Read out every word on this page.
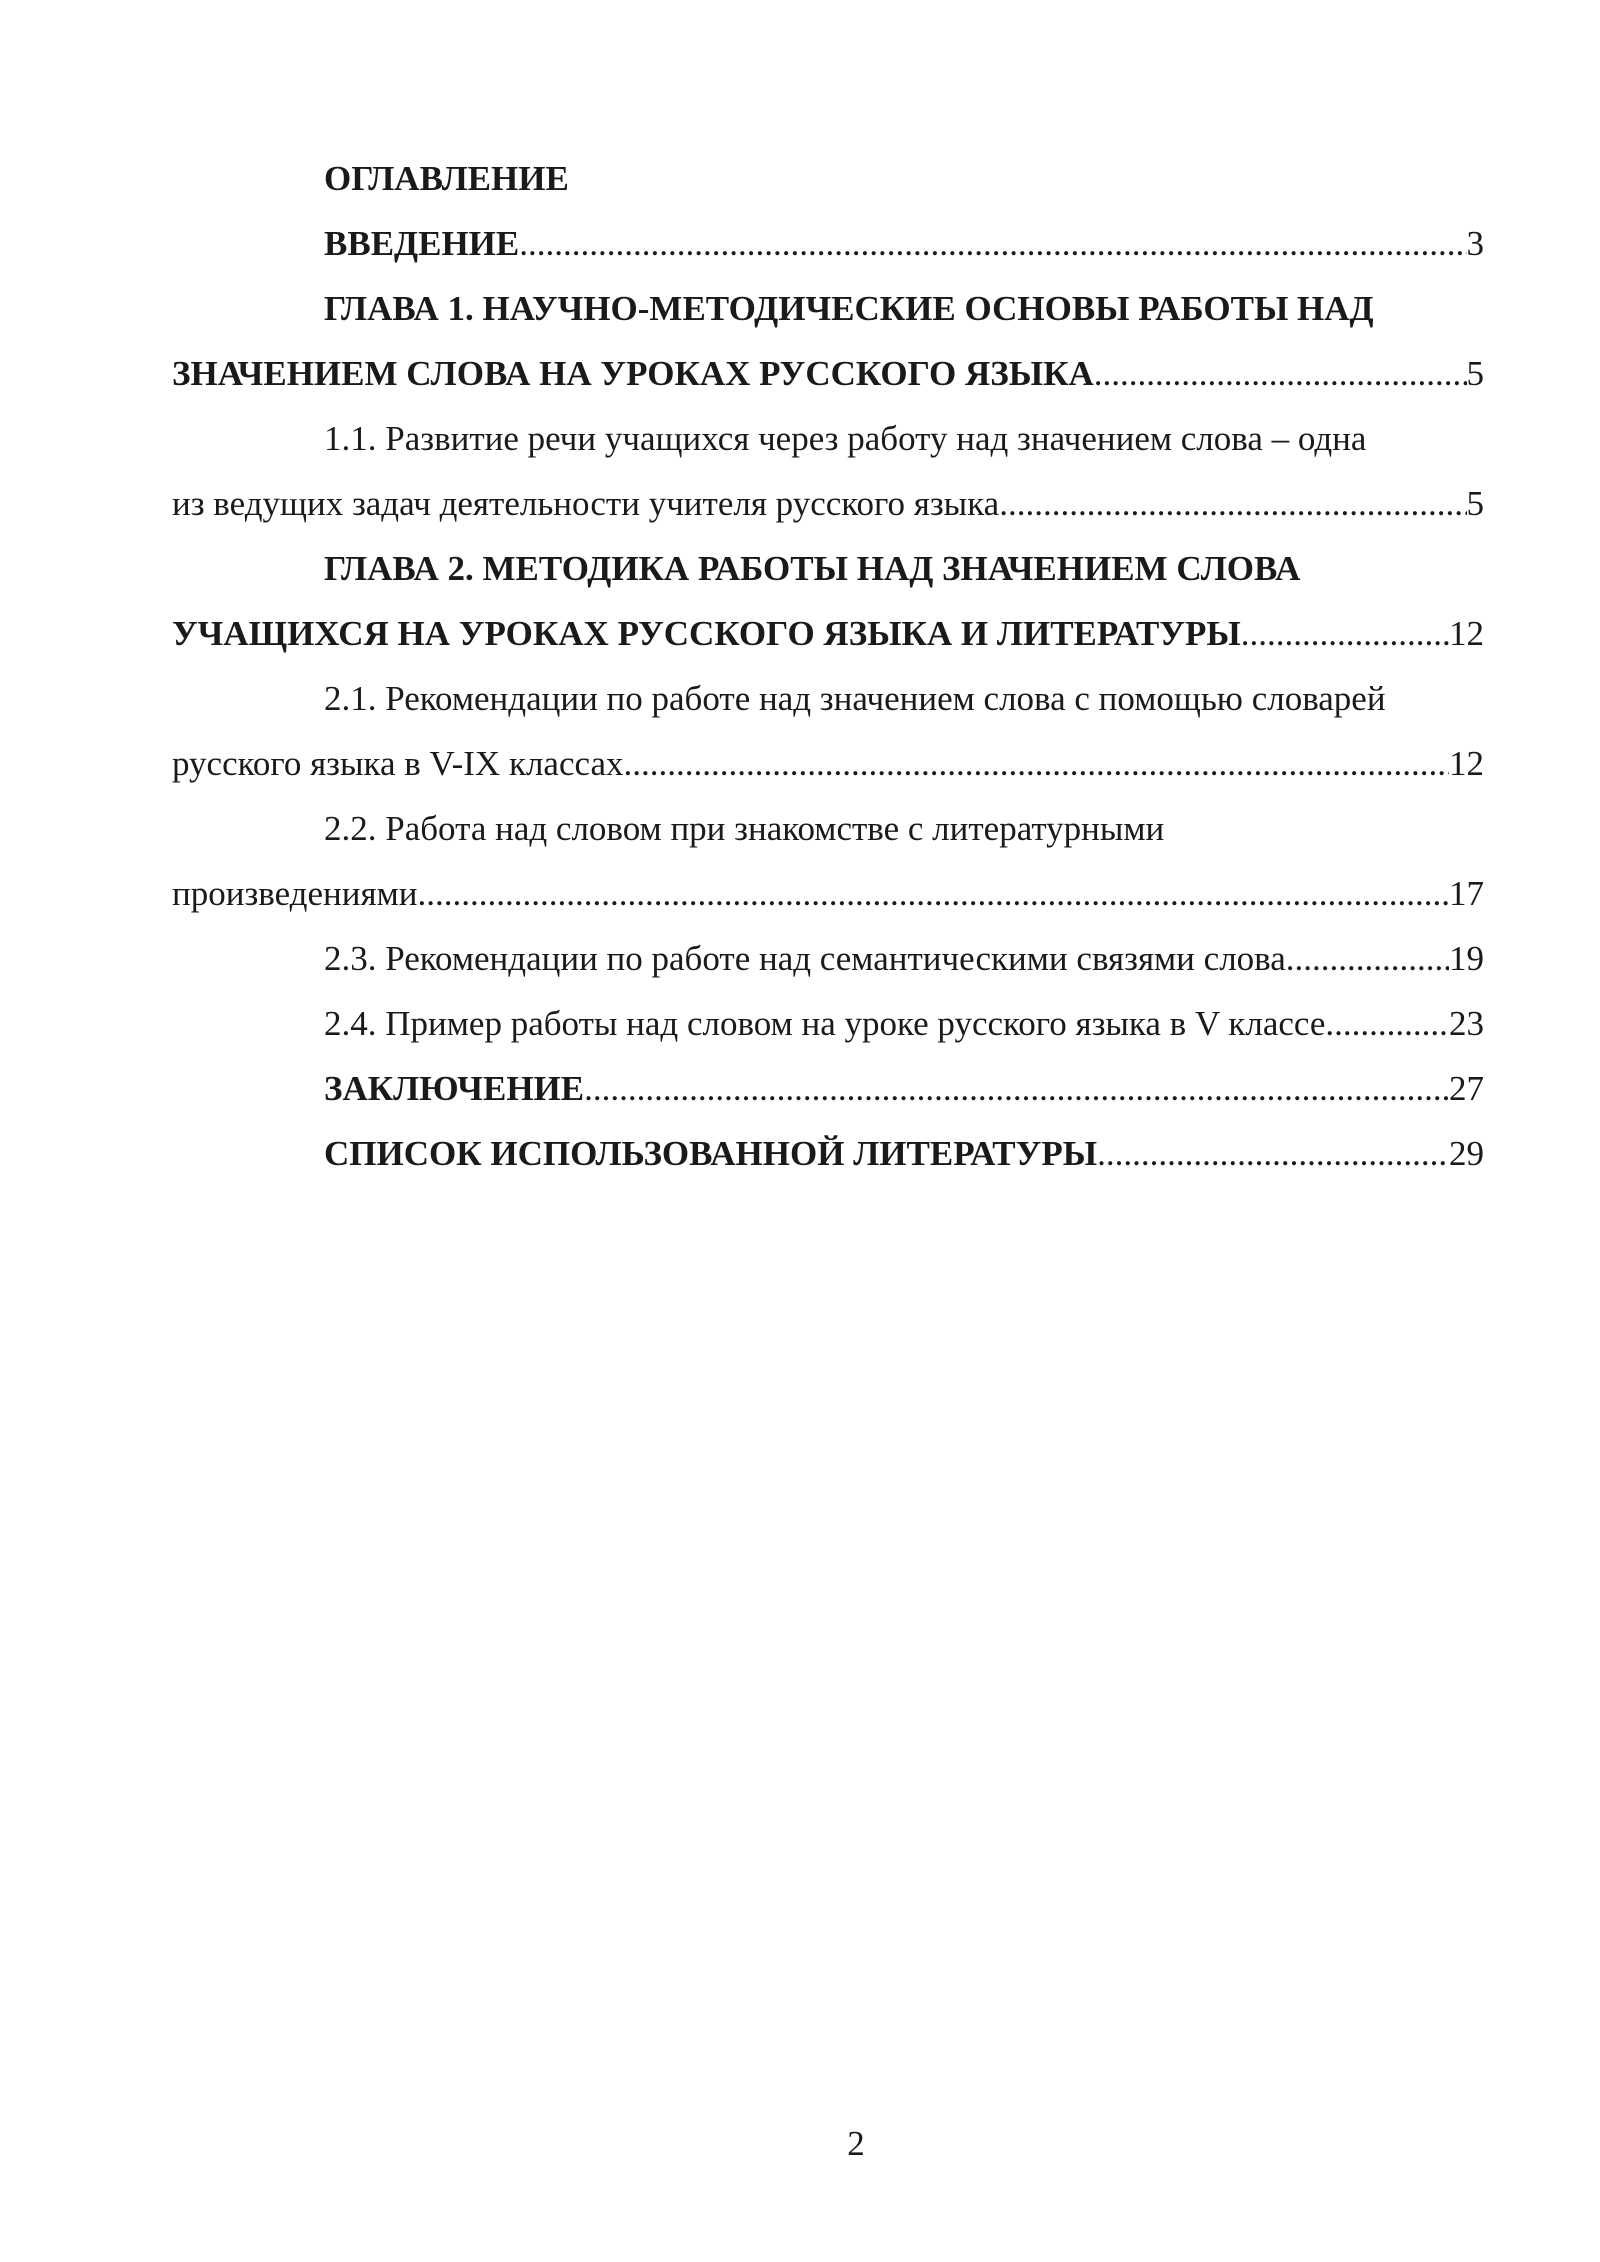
ОГЛАВЛЕНИЕ
ВВЕДЕНИЕ .....	3
ГЛАВА 1. НАУЧНО-МЕТОДИЧЕСКИЕ ОСНОВЫ РАБОТЫ НАД
ЗНАЧЕНИЕМ СЛОВА НА УРОКАХ РУССКОГО ЯЗЫКА .....	5
1.1. Развитие речи учащихся через работу над значением слова – одна
из ведущих задач деятельности учителя русского языка .....	5
ГЛАВА 2. МЕТОДИКА РАБОТЫ НАД ЗНАЧЕНИЕМ СЛОВА
УЧАЩИХСЯ НА УРОКАХ РУССКОГО ЯЗЫКА И ЛИТЕРАТУРЫ .....	12
2.1. Рекомендации по работе над значением слова с помощью словарей
русского языка в V-IX классах .....	12
2.2. Работа над словом при знакомстве с литературными
произведениями .....	17
2.3. Рекомендации по работе над семантическими связями слова .....	19
2.4. Пример работы над словом на уроке русского языка в V классе .....	23
ЗАКЛЮЧЕНИЕ .....	27
СПИСОК ИСПОЛЬЗОВАННОЙ ЛИТЕРАТУРЫ .....	29
2
